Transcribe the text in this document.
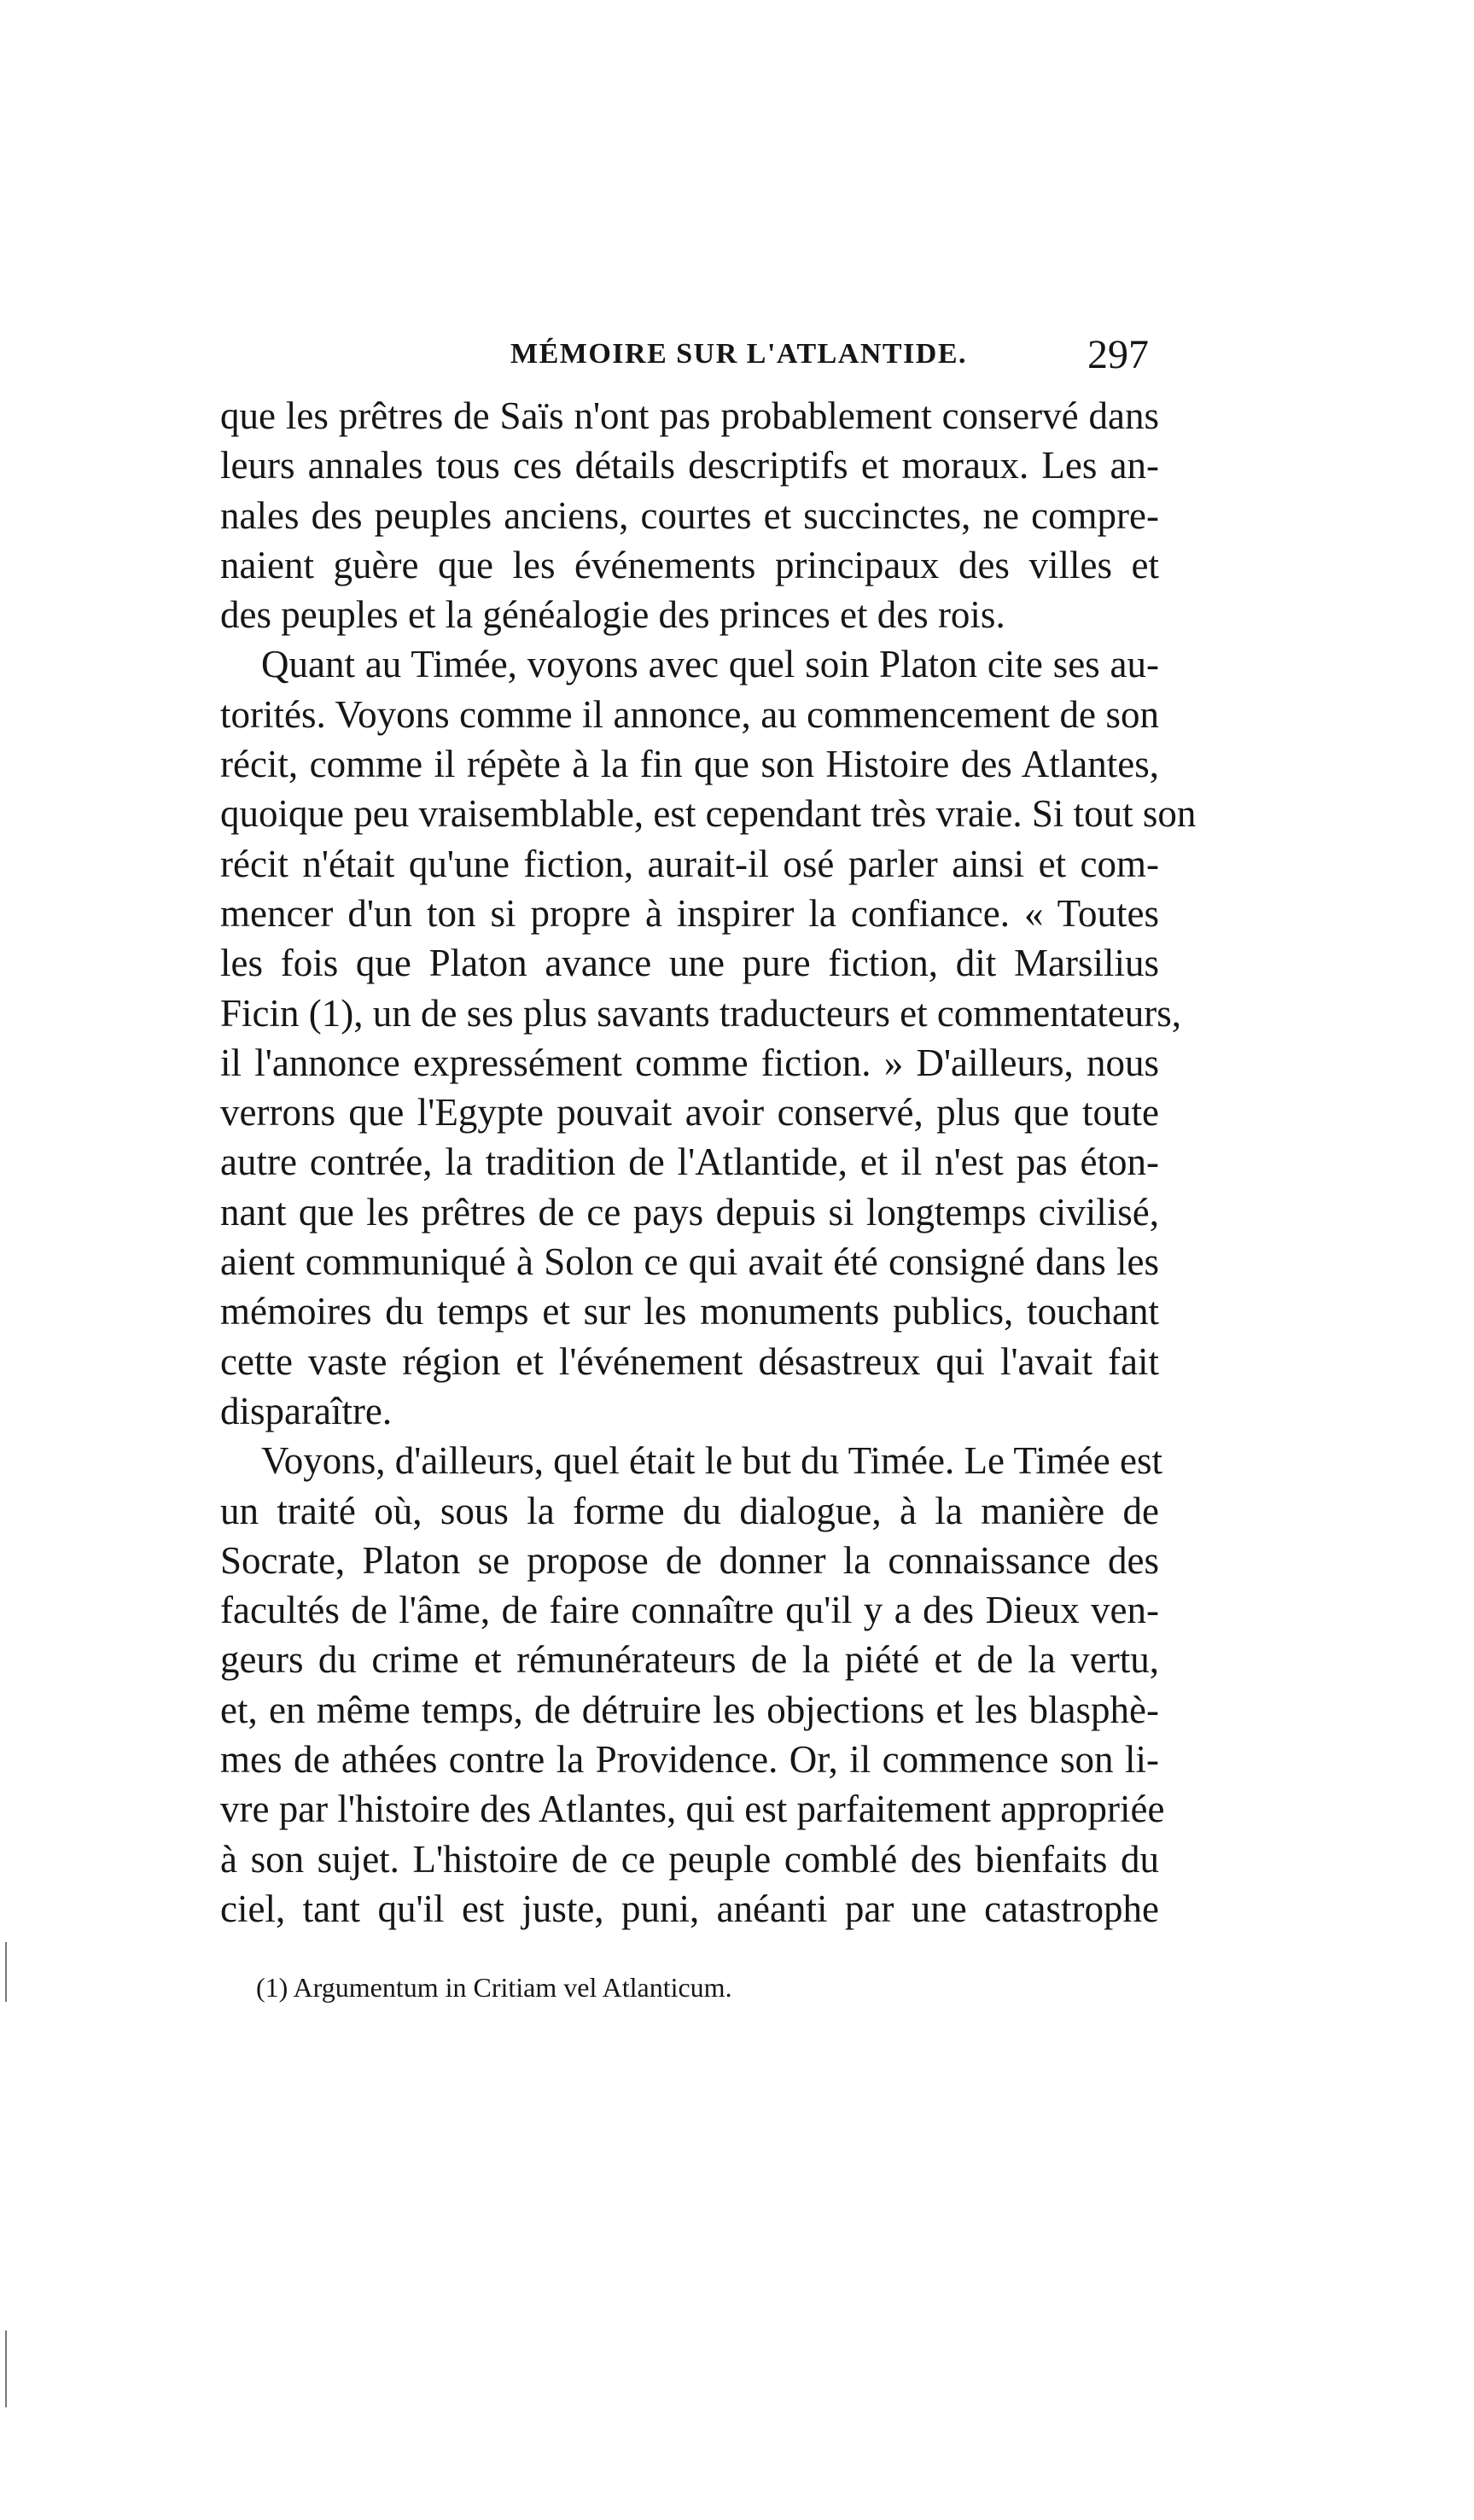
MÉMOIRE SUR L'ATLANTIDE.	297
que les prêtres de Saïs n'ont pas probablement conservé dans
leurs annales tous ces détails descriptifs et moraux. Les an-
nales des peuples anciens, courtes et succinctes, ne compre-
naient guère que les événements principaux des villes et
des peuples et la généalogie des princes et des rois.
Quant au Timée, voyons avec quel soin Platon cite ses au-
torités. Voyons comme il annonce, au commencement de son
récit, comme il répète à la fin que son Histoire des Atlantes,
quoique peu vraisemblable, est cependant très vraie. Si tout son
récit n'était qu'une fiction, aurait-il osé parler ainsi et com-
mencer d'un ton si propre à inspirer la confiance. « Toutes
les fois que Platon avance une pure fiction, dit Marsilius
Ficin (1), un de ses plus savants traducteurs et commentateurs,
il l'annonce expressément comme fiction. » D'ailleurs, nous
verrons que l'Egypte pouvait avoir conservé, plus que toute
autre contrée, la tradition de l'Atlantide, et il n'est pas éton-
nant que les prêtres de ce pays depuis si longtemps civilisé,
aient communiqué à Solon ce qui avait été consigné dans les
mémoires du temps et sur les monuments publics, touchant
cette vaste région et l'événement désastreux qui l'avait fait
disparaître.
Voyons, d'ailleurs, quel était le but du Timée. Le Timée est
un traité où, sous la forme du dialogue, à la manière de
Socrate, Platon se propose de donner la connaissance des
facultés de l'âme, de faire connaître qu'il y a des Dieux ven-
geurs du crime et rémunérateurs de la piété et de la vertu,
et, en même temps, de détruire les objections et les blasphè-
mes de athées contre la Providence. Or, il commence son li-
vre par l'histoire des Atlantes, qui est parfaitement appropriée
à son sujet. L'histoire de ce peuple comblé des bienfaits du
ciel, tant qu'il est juste, puni, anéanti par une catastrophe
(1) Argumentum in Critiam vel Atlanticum.
